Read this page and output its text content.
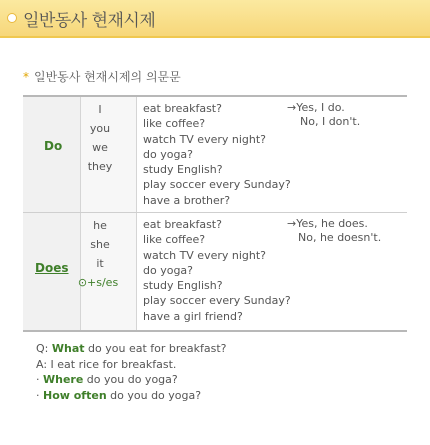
일반동사 현재시제
* 일반동사 현재시제의 의문문
Do
I
you
we
they
eat breakfast?
like coffee?
watch TV every night?
do yoga?
study English?
play soccer every Sunday?
have a brother?
→Yes, I do.
No, I don't.
Does
he
she
it
⊙+s/es
eat breakfast?
like coffee?
watch TV every night?
do yoga?
study English?
play soccer every Sunday?
have a girl friend?
→Yes, he does.
No, he doesn't.
Q: What do you eat for breakfast?
A: I eat rice for breakfast.
· Where do you do yoga?
· How often do you do yoga?
